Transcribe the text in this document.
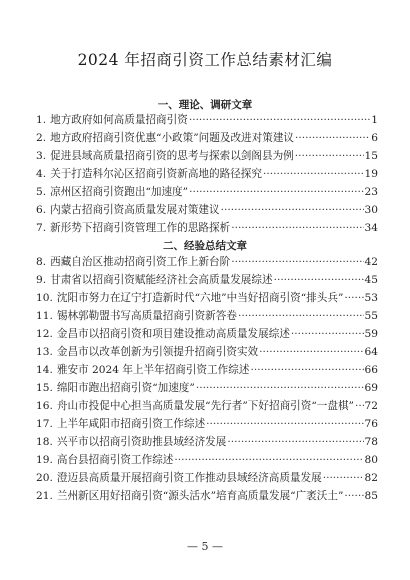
2024 年招商引资工作总结素材汇编
一、理论、调研文章
1. 地方政府如何高质量招商引资 ·····	1
2. 地方政府招商引资优惠“小政策”问题及改进对策建议 ·····	6
3. 促进县域高质量招商引资的思考与探索以剑阁县为例 ·····	15
4. 关于打造科尔沁区招商引资新高地的路径探究 ·····	19
5. 凉州区招商引资跑出“加速度” ·····	23
6. 内蒙古招商引资高质量发展对策建议 ·····	30
7. 新形势下招商引资管理工作的思路探析 ·····	34
二、经验总结文章
8. 西藏自治区推动招商引资工作上新台阶 ·····	42
9. 甘肃省以招商引资赋能经济社会高质量发展综述 ·····	45
10. 沈阳市努力在辽宁打造新时代“六地”中当好招商引资“排头兵” ····· 53
11. 锡林郭勒盟书写高质量招商引资新答卷 ·····	55
12. 金昌市以招商引资和项目建设推动高质量发展综述 ·····	59
13. 金昌市以改革创新为引领提升招商引资实效 ·····	64
14. 雅安市 2024 年上半年招商引资工作综述 ·····	66
15. 绵阳市跑出招商引资“加速度” ·····	69
16. 舟山市投促中心担当高质量发展“先行者”下好招商引资“一盘棋” ····· 72
17. 上半年咸阳市招商引资工作综述 ·····	76
18. 兴平市以招商引资助推县域经济发展 ·····	78
19. 高台县招商引资工作综述 ·····	80
20. 澄迈县高质量开展招商引资工作推动县域经济高质量发展 ·····	82
21. 兰州新区用好招商引资“源头活水”培育高质量发展“广袤沃土” ····· 85
— 5 —
